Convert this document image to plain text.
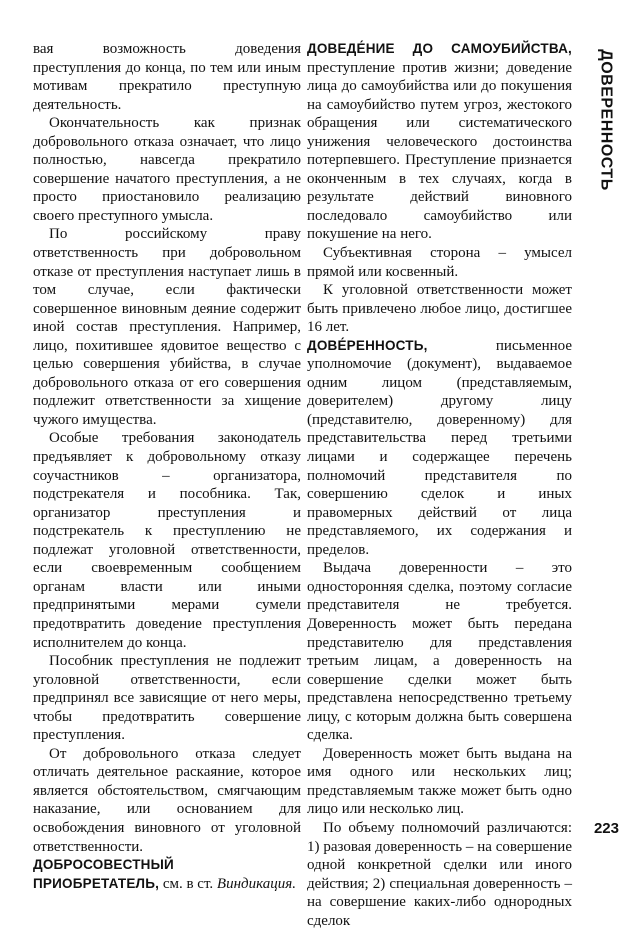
вая возможность доведения преступления до конца, по тем или иным мотивам прекратило преступную деятельность.

Окончательность как признак добровольного отказа означает, что лицо полностью, навсегда прекратило совершение начатого преступления, а не просто приостановило реализацию своего преступного умысла.

По российскому праву ответственность при добровольном отказе от преступления наступает лишь в том случае, если фактически совершенное виновным деяние содержит иной состав преступления. Например, лицо, похитившее ядовитое вещество с целью совершения убийства, в случае добровольного отказа от его совершения подлежит ответственности за хищение чужого имущества.

Особые требования законодатель предъявляет к добровольному отказу соучастников – организатора, подстрекателя и пособника. Так, организатор преступления и подстрекатель к преступлению не подлежат уголовной ответственности, если своевременным сообщением органам власти или иными предпринятыми мерами сумели предотвратить доведение преступления исполнителем до конца.

Пособник преступления не подлежит уголовной ответственности, если предпринял все зависящие от него меры, чтобы предотвратить совершение преступления.

От добровольного отказа следует отличать деятельное раскаяние, которое является обстоятельством, смягчающим наказание, или основанием для освобождения виновного от уголовной ответственности.

ДОБРОСОВЕСТНЫЙ ПРИОБРЕТАТЕЛЬ, см. в ст. Виндикация.

ДОВЕДЕ́НИЕ ДО САМОУБИЙСТВА, преступление против жизни; доведение лица до самоубийства или до покушения на самоубийство путем угроз, жестокого обращения или систематического унижения человеческого достоинства потерпевшего. Преступление признается оконченным в тех случаях, когда в результате действий виновного последовало самоубийство или покушение на него.

Субъективная сторона – умысел прямой или косвенный.

К уголовной ответственности может быть привлечено любое лицо, достигшее 16 лет.

ДОВЕ́РЕННОСТЬ,	письменное уполномочие (документ), выдаваемое одним лицом (представляемым, доверителем) другому лицу (представителю, доверенному) для представительства перед третьими лицами и содержащее перечень полномочий представителя по совершению сделок и иных правомерных действий от лица представляемого, их содержания и пределов.

Выдача доверенности – это односторонняя сделка, поэтому согласие представителя не требуется. Доверенность может быть передана представителю для представления третьим лицам, а доверенность на совершение сделки может быть представлена непосредственно третьему лицу, с которым должна быть совершена сделка.

Доверенность может быть выдана на имя одного или нескольких лиц; представляемым также может быть одно лицо или несколько лиц.

По объему полномочий различаются: 1) разовая доверенность – на совершение одной конкретной сделки или иного действия; 2) специальная доверенность – на совершение каких-либо однородных сделок

ДОВЕРЕННОСТЬ
223
